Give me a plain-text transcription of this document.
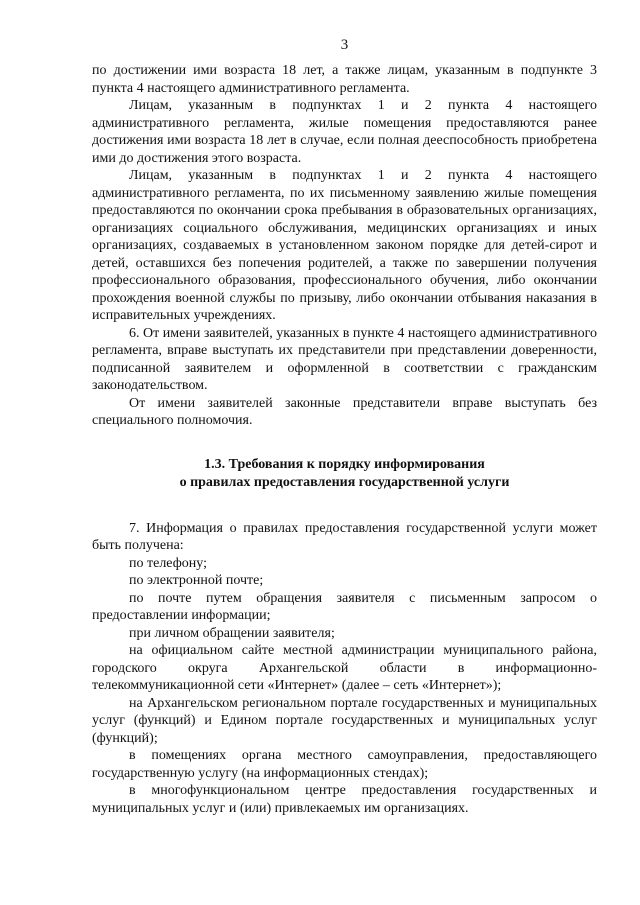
3

по достижении ими возраста 18 лет, а также лицам, указанным в подпункте 3 пункта 4 настоящего административного регламента.

Лицам, указанным в подпунктах 1 и 2 пункта 4 настоящего административного регламента, жилые помещения предоставляются ранее достижения ими возраста 18 лет в случае, если полная дееспособность приобретена ими до достижения этого возраста.

Лицам, указанным в подпунктах 1 и 2 пункта 4 настоящего административного регламента, по их письменному заявлению жилые помещения предоставляются по окончании срока пребывания в образовательных организациях, организациях социального обслуживания, медицинских организациях и иных организациях, создаваемых в установленном законом порядке для детей-сирот и детей, оставшихся без попечения родителей, а также по завершении получения профессионального образования, профессионального обучения, либо окончании прохождения военной службы по призыву, либо окончании отбывания наказания в исправительных учреждениях.

6. От имени заявителей, указанных в пункте 4 настоящего административного регламента, вправе выступать их представители при представлении доверенности, подписанной заявителем и оформленной в соответствии с гражданским законодательством.

От имени заявителей законные представители вправе выступать без специального полномочия.

1.3. Требования к порядку информирования
о правилах предоставления государственной услуги

7. Информация о правилах предоставления государственной услуги может быть получена:

по телефону;

по электронной почте;

по почте путем обращения заявителя с письменным запросом о предоставлении информации;

при личном обращении заявителя;

на официальном сайте местной администрации муниципального района, городского округа Архангельской области в информационно-телекоммуникационной сети «Интернет» (далее – сеть «Интернет»);

на Архангельском региональном портале государственных и муниципальных услуг (функций) и Едином портале государственных и муниципальных услуг (функций);

в помещениях органа местного самоуправления, предоставляющего государственную услугу (на информационных стендах);

в многофункциональном центре предоставления государственных и муниципальных услуг и (или) привлекаемых им организациях.
